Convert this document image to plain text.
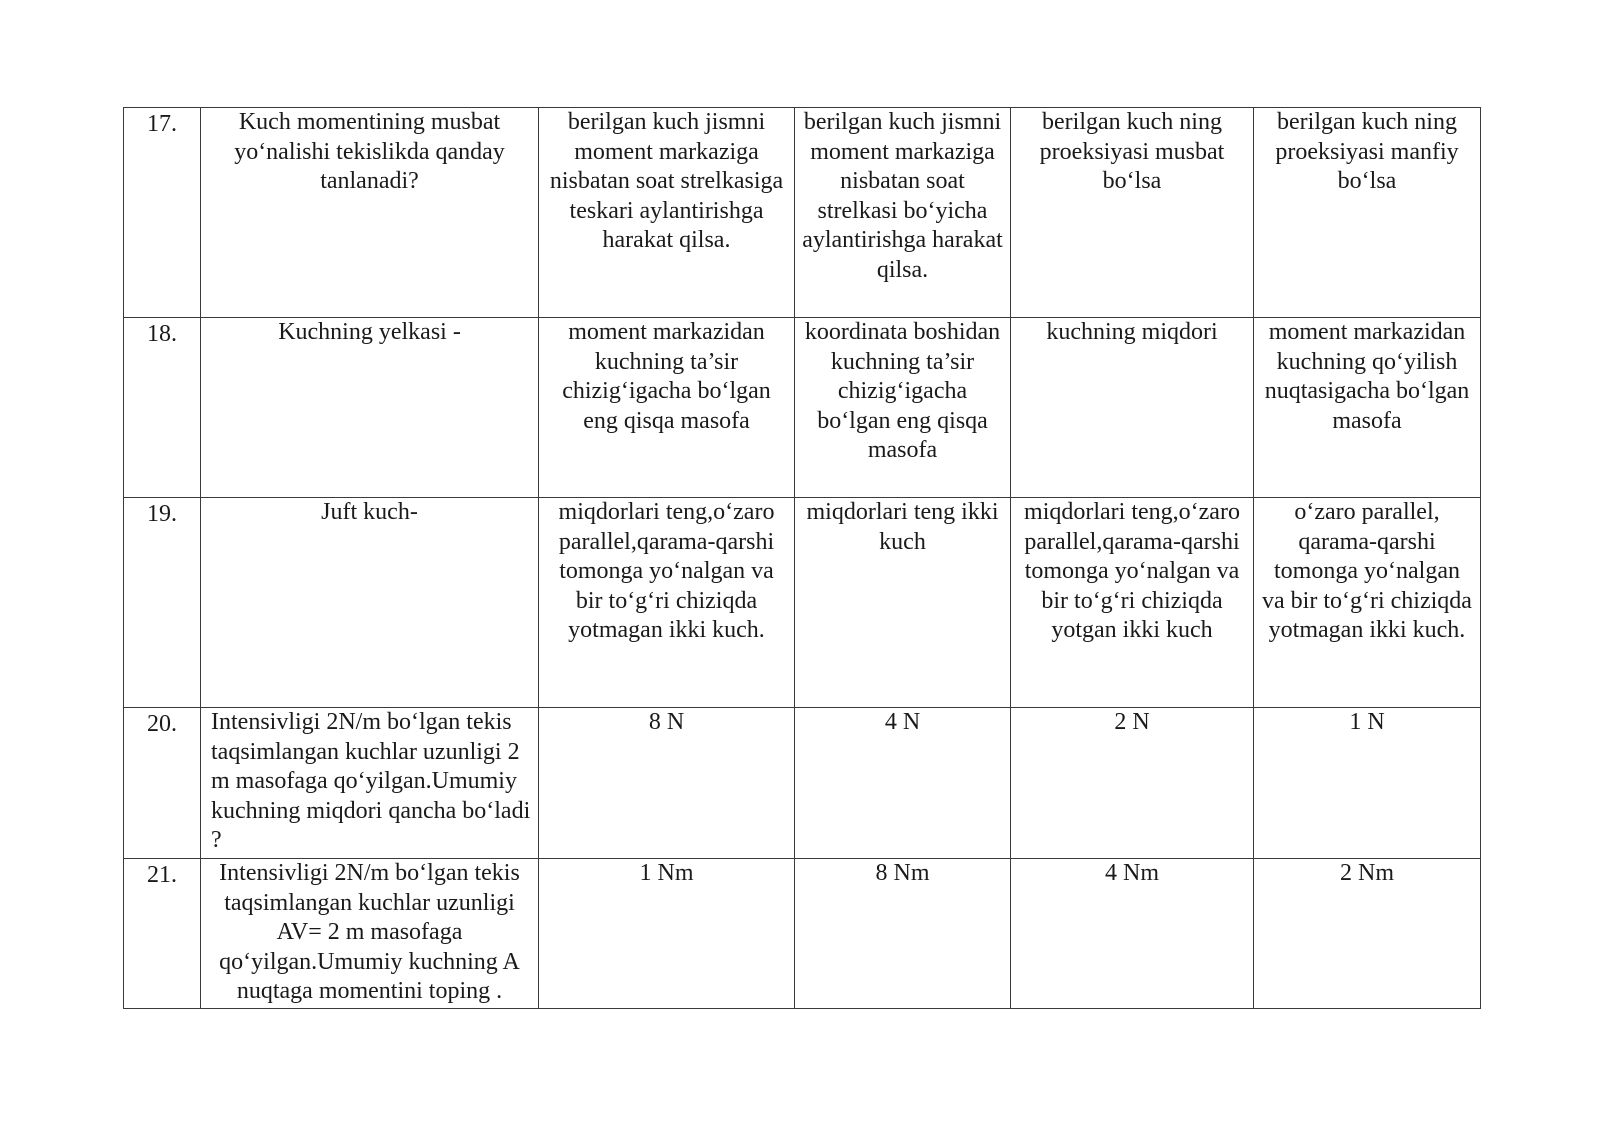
17.	Kuch momentining musbat yo‘nalishi tekislikda qanday tanlanadi?	berilgan kuch jismni moment markaziga nisbatan soat strelkasiga teskari aylantirishga harakat qilsa.	berilgan kuch jismni moment markaziga nisbatan soat strelkasi bo‘yicha aylantirishga harakat qilsa.	berilgan kuch ning proeksiyasi musbat bo‘lsa	berilgan kuch ning proeksiyasi manfiy bo‘lsa
18.	Kuchning yelkasi -	moment markazidan kuchning ta’sir chizig‘igacha bo‘lgan eng qisqa masofa	koordinata boshidan kuchning ta’sir chizig‘igacha bo‘lgan eng qisqa masofa	kuchning miqdori	moment markazidan kuchning qo‘yilish nuqtasigacha bo‘lgan masofa
19.	Juft kuch-	miqdorlari teng,o‘zaro parallel,qarama-qarshi tomonga yo‘nalgan va bir to‘g‘ri chiziqda yotmagan ikki kuch.	miqdorlari teng ikki kuch	miqdorlari teng,o‘zaro parallel,qarama-qarshi tomonga yo‘nalgan va bir to‘g‘ri chiziqda yotgan ikki kuch	o‘zaro parallel, qarama-qarshi tomonga yo‘nalgan va bir to‘g‘ri chiziqda yotmagan ikki kuch.
20.	Intensivligi 2N/m bo‘lgan tekis taqsimlangan kuchlar uzunligi 2 m masofaga qo‘yilgan.Umumiy kuchning miqdori qancha bo‘ladi ?	8 N	4 N	2 N	1 N
21.	Intensivligi 2N/m bo‘lgan tekis taqsimlangan kuchlar uzunligi AV= 2 m masofaga qo‘yilgan.Umumiy kuchning A nuqtaga momentini toping .	1 Nm	8 Nm	4 Nm	2 Nm
